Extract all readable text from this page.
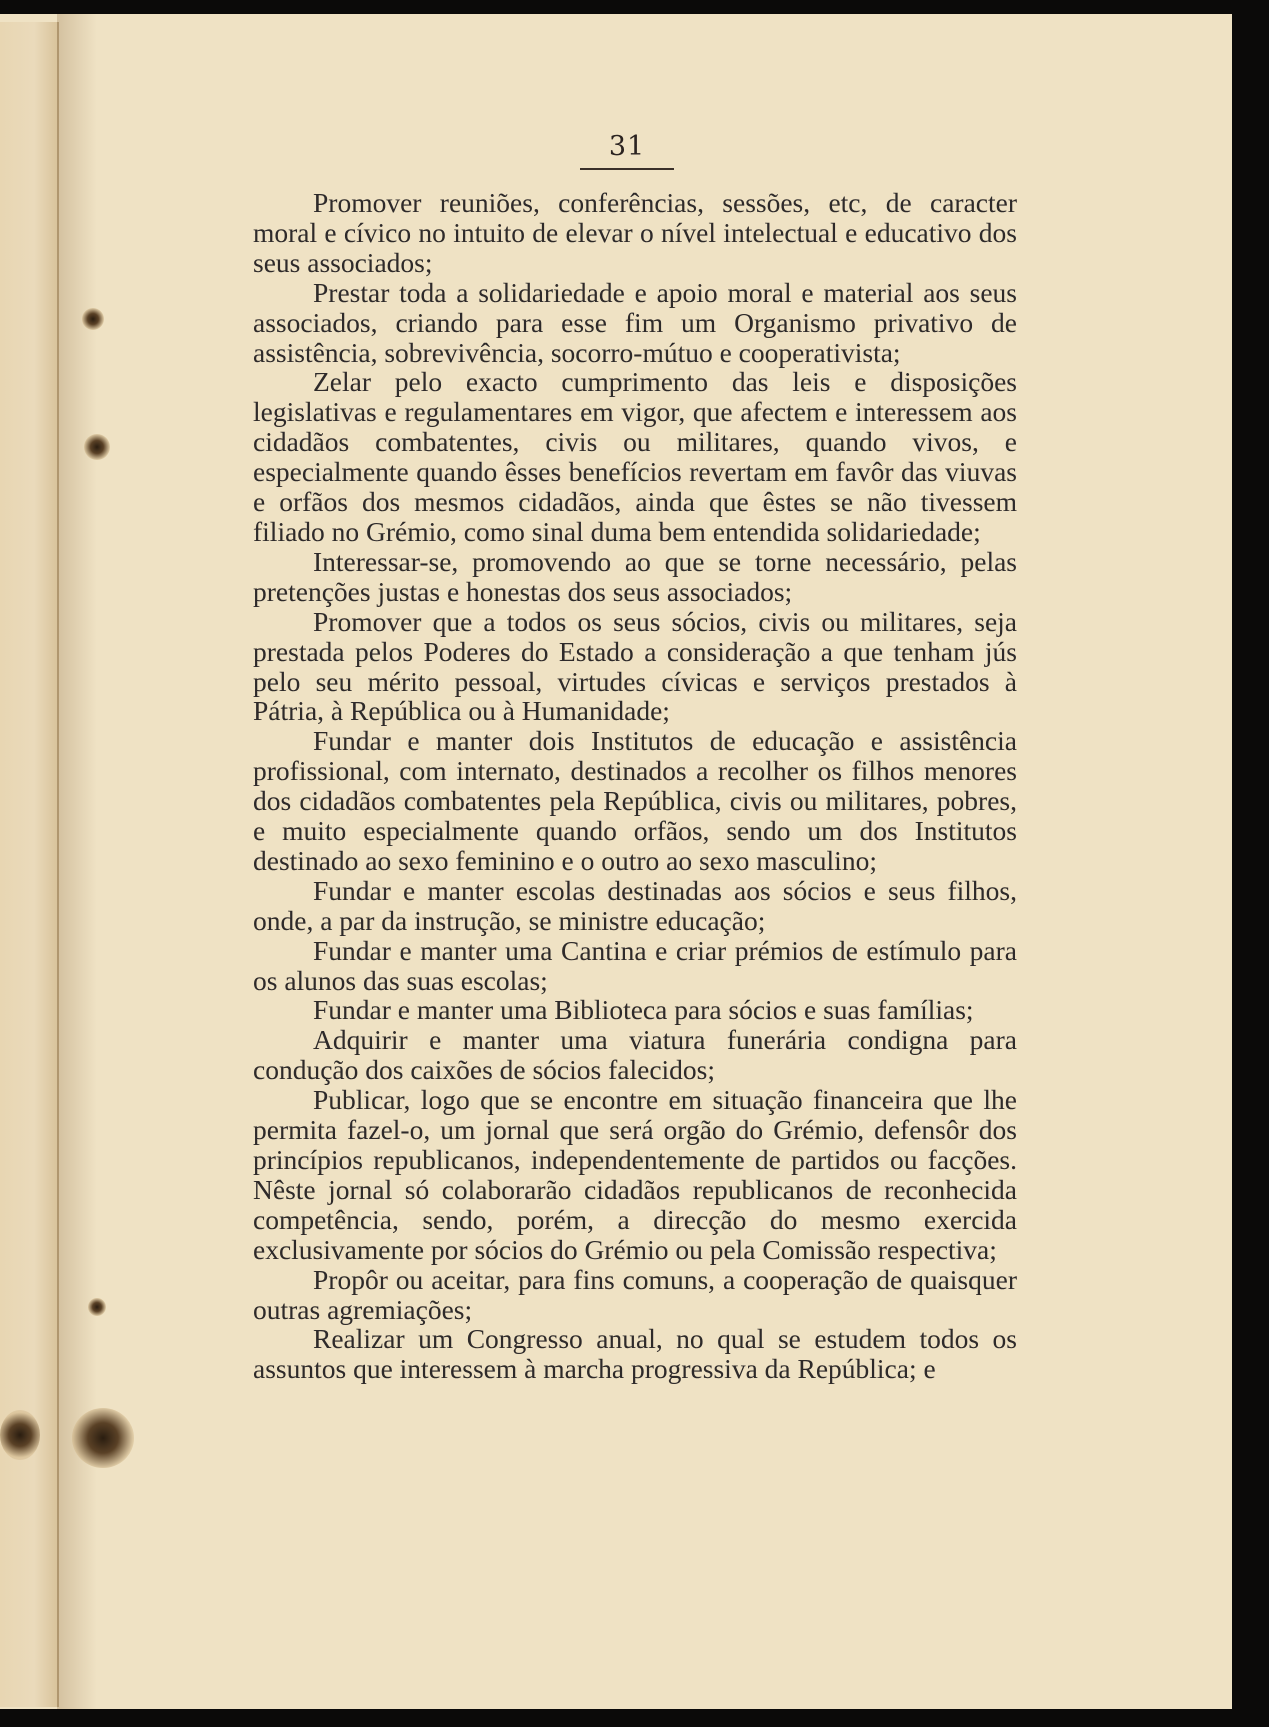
31

Promover reuniões, conferências, sessões, etc, de caracter moral e cívico no intuito de elevar o nível intelectual e educativo dos seus associados;

Prestar toda a solidariedade e apoio moral e material aos seus associados, criando para esse fim um Organismo privativo de assistência, sobrevivência, socorro-mútuo e cooperativista;

Zelar pelo exacto cumprimento das leis e disposições legislativas e regulamentares em vigor, que afectem e interessem aos cidadãos combatentes, civis ou militares, quando vivos, e especialmente quando êsses benefícios revertam em favôr das viuvas e orfãos dos mesmos cidadãos, ainda que êstes se não tivessem filiado no Grémio, como sinal duma bem entendida solidariedade;

Interessar-se, promovendo ao que se torne necessário, pelas pretenções justas e honestas dos seus associados;

Promover que a todos os seus sócios, civis ou militares, seja prestada pelos Poderes do Estado a consideração a que tenham jús pelo seu mérito pessoal, virtudes cívicas e serviços prestados à Pátria, à República ou à Humanidade;

Fundar e manter dois Institutos de educação e assistência profissional, com internato, destinados a recolher os filhos menores dos cidadãos combatentes pela República, civis ou militares, pobres, e muito especialmente quando orfãos, sendo um dos Institutos destinado ao sexo feminino e o outro ao sexo masculino;

Fundar e manter escolas destinadas aos sócios e seus filhos, onde, a par da instrução, se ministre educação;

Fundar e manter uma Cantina e criar prémios de estímulo para os alunos das suas escolas;

Fundar e manter uma Biblioteca para sócios e suas famílias;

Adquirir e manter uma viatura funerária condigna para condução dos caixões de sócios falecidos;

Publicar, logo que se encontre em situação financeira que lhe permita fazel-o, um jornal que será orgão do Grémio, defensôr dos princípios republicanos, independentemente de partidos ou facções. Nêste jornal só colaborarão cidadãos republicanos de reconhecida competência, sendo, porém, a direcção do mesmo exercida exclusivamente por sócios do Grémio ou pela Comissão respectiva;

Propôr ou aceitar, para fins comuns, a cooperação de quaisquer outras agremiações;

Realizar um Congresso anual, no qual se estudem todos os assuntos que interessem à marcha progressiva da República; e
